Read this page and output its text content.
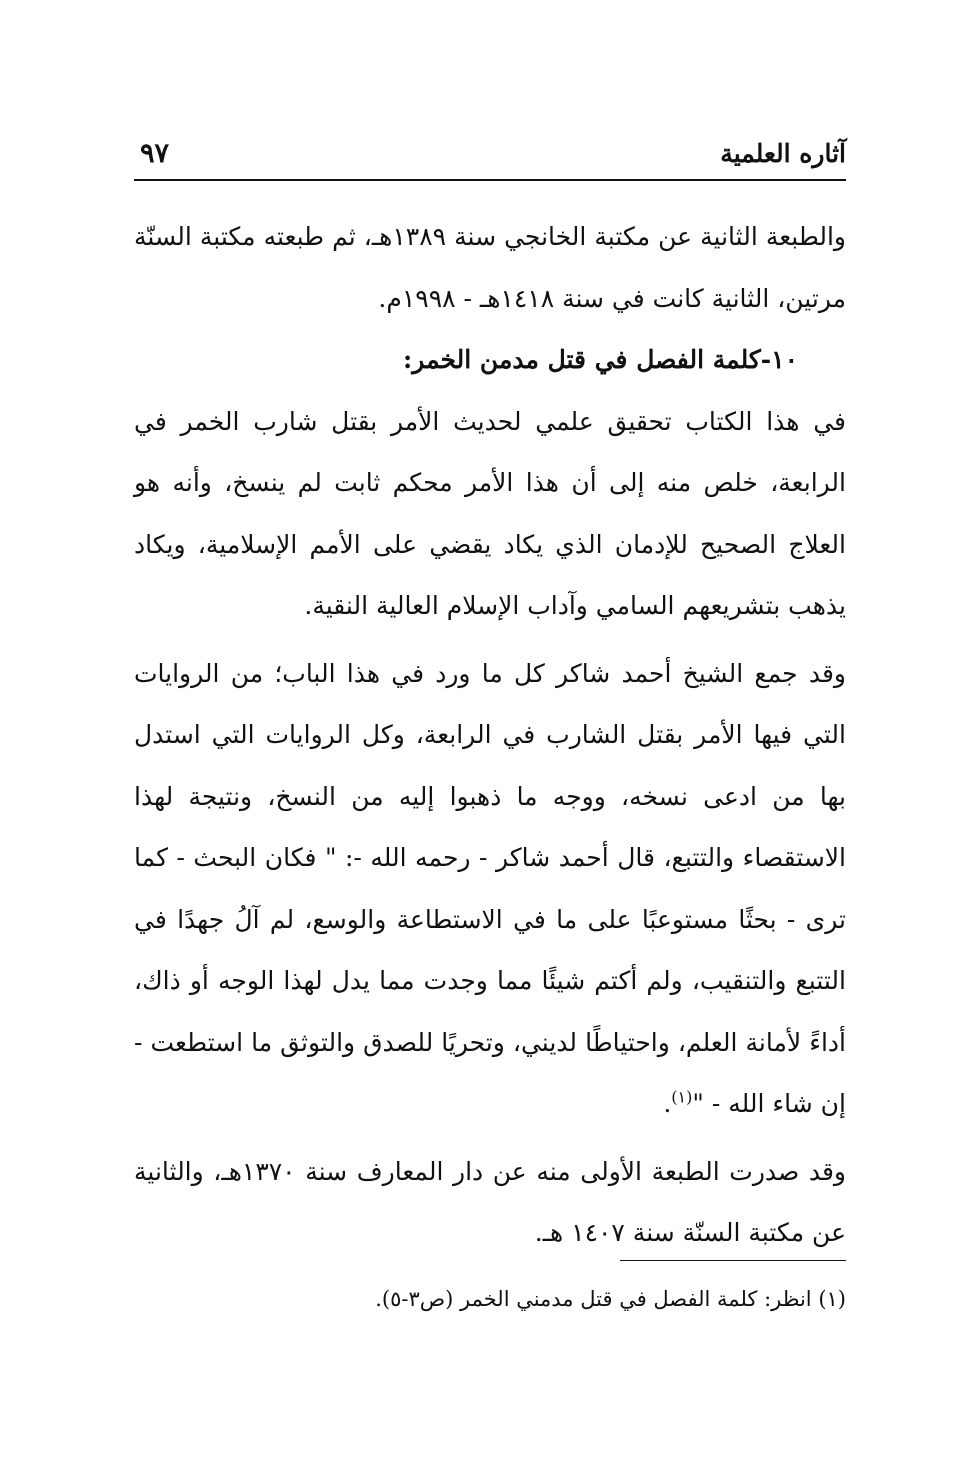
آثاره العلمية
٩٧

والطبعة الثانية عن مكتبة الخانجي سنة ١٣٨٩هـ، ثم طبعته مكتبة السنّة مرتين، الثانية كانت في سنة ١٤١٨هـ - ١٩٩٨م.

١٠-كلمة الفصل في قتل مدمن الخمر:

في هذا الكتاب تحقيق علمي لحديث الأمر بقتل شارب الخمر في الرابعة، خلص منه إلى أن هذا الأمر محكم ثابت لم ينسخ، وأنه هو العلاج الصحيح للإدمان الذي يكاد يقضي على الأمم الإسلامية، ويكاد يذهب بتشريعهم السامي وآداب الإسلام العالية النقية.

وقد جمع الشيخ أحمد شاكر كل ما ورد في هذا الباب؛ من الروايات التي فيها الأمر بقتل الشارب في الرابعة، وكل الروايات التي استدل بها من ادعى نسخه، ووجه ما ذهبوا إليه من النسخ، ونتيجة لهذا الاستقصاء والتتبع، قال أحمد شاكر - رحمه الله -: " فكان البحث - كما ترى - بحثًا مستوعبًا على ما في الاستطاعة والوسع، لم آلُ جهدًا في التتبع والتنقيب، ولم أكتم شيئًا مما وجدت مما يدل لهذا الوجه أو ذاك، أداءً لأمانة العلم، واحتياطًا لديني، وتحريًا للصدق والتوثق ما استطعت - إن شاء الله - "$^{(١)}$.

وقد صدرت الطبعة الأولى منه عن دار المعارف سنة ١٣٧٠هـ، والثانية عن مكتبة السنّة سنة ١٤٠٧ هـ.

(١) انظر: كلمة الفصل في قتل مدمني الخمر (ص٣-٥).
